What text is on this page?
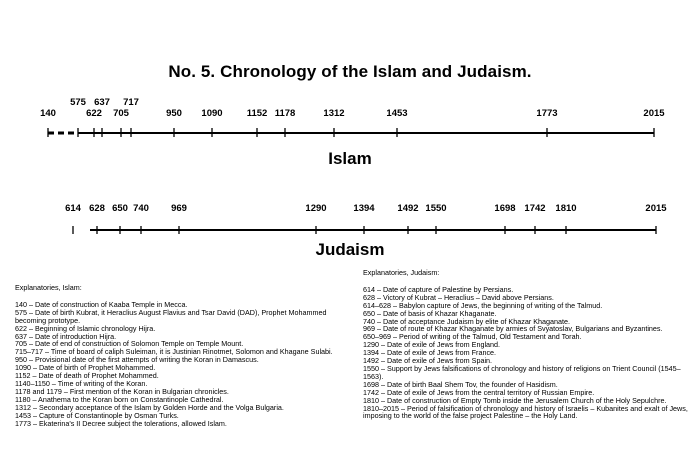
No. 5. Chronology of the Islam and Judaism.
140
575
622
637
705
717
950 1090	1152 1178	1312	1453	1773	2015
Islam
614 628 650 740 969	1290	1394 1492 1550	1698 1742 1810	2015
Judaism
Explanatories, Islam:
140 – Date of construction of Kaaba Temple in Mecca.
575 – Date of birth Kubrat, it Heraclius August Flavius and Tsar David (DAD), Prophet Mohammed becoming prototype.
622 – Beginning of Islamic chronology Hijra.
637 – Date of introduction Hijra.
705 – Date of end of construction of Solomon Temple on Temple Mount.
715–717 – Time of board of caliph Suleiman, it is Justinian Rinotmet, Solomon and Khagane Sulabi.
950 – Provisional date of the first attempts of writing the Koran in Damascus.
1090 – Date of birth of Prophet Mohammed.
1152 – Date of death of Prophet Mohammed.
1140–1150 – Time of writing of the Koran.
1178 and 1179 – First mention of the Koran in Bulgarian chronicles.
1180 – Anathema to the Koran born on Constantinople Cathedral.
1312 – Secondary acceptance of the Islam by Golden Horde and the Volga Bulgaria.
1453 – Capture of Constantinople by Osman Turks.
1773 – Ekaterina's II Decree subject the tolerations, allowed Islam.
Explanatories, Judaism:
614 – Date of capture of Palestine by Persians.
628 – Victory of Kubrat – Heraclius – David above Persians.
614–628 – Babylon capture of Jews, the beginning of writing of the Talmud.
650 – Date of basis of Khazar Khaganate.
740 – Date of acceptance Judaism by elite of Khazar Khaganate.
969 – Date of route of Khazar Khaganate by armies of Svyatoslav, Bulgarians and Byzantines.
650–969 – Period of writing of the Talmud, Old Testament and Torah.
1290 – Date of exile of Jews from England.
1394 – Date of exile of Jews from France.
1492 – Date of exile of Jews from Spain.
1550 – Support by Jews falsifications of chronology and history of religions on Trient Council (1545–1563).
1698 – Date of birth Baal Shem Tov, the founder of Hasidism.
1742 – Date of exile of Jews from the central territory of Russian Empire.
1810 – Date of construction of Empty Tomb inside the Jerusalem Church of the Holy Sepulchre.
1810–2015 – Period of falsification of chronology and history of Israelis – Kubanites and exalt of Jews, imposing to the world of the false project Palestine – the Holy Land.
